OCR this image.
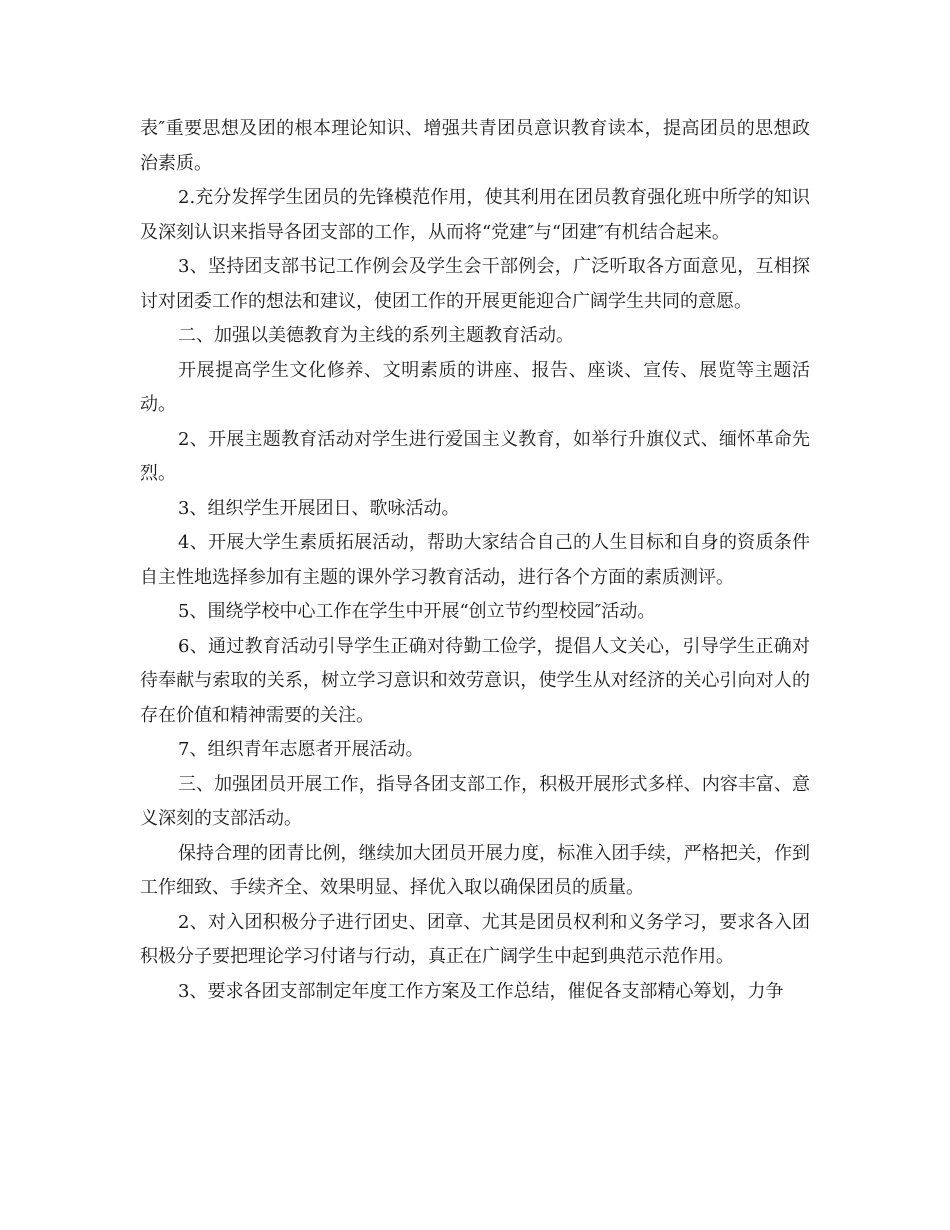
表″重要思想及团的根本理论知识、增强共青团员意识教育读本，提高团员的思想政治素质。

2.充分发挥学生团员的先锋模范作用，使其利用在团员教育强化班中所学的知识及深刻认识来指导各团支部的工作，从而将“党建″与“团建″有机结合起来。

3、坚持团支部书记工作例会及学生会干部例会，广泛听取各方面意见，互相探讨对团委工作的想法和建议，使团工作的开展更能迎合广阔学生共同的意愿。

二、加强以美德教育为主线的系列主题教育活动。

开展提高学生文化修养、文明素质的讲座、报告、座谈、宣传、展览等主题活动。

2、开展主题教育活动对学生进行爱国主义教育，如举行升旗仪式、缅怀革命先烈。

3、组织学生开展团日、歌咏活动。

4、开展大学生素质拓展活动，帮助大家结合自己的人生目标和自身的资质条件自主性地选择参加有主题的课外学习教育活动，进行各个方面的素质测评。

5、围绕学校中心工作在学生中开展“创立节约型校园″活动。

6、通过教育活动引导学生正确对待勤工俭学，提倡人文关心，引导学生正确对待奉献与索取的关系，树立学习意识和效劳意识，使学生从对经济的关心引向对人的存在价值和精神需要的关注。

7、组织青年志愿者开展活动。

三、加强团员开展工作，指导各团支部工作，积极开展形式多样、内容丰富、意义深刻的支部活动。

保持合理的团青比例，继续加大团员开展力度，标准入团手续，严格把关，作到工作细致、手续齐全、效果明显、择优入取以确保团员的质量。

2、对入团积极分子进行团史、团章、尤其是团员权利和义务学习，要求各入团积极分子要把理论学习付诸与行动，真正在广阔学生中起到典范示范作用。

3、要求各团支部制定年度工作方案及工作总结，催促各支部精心筹划，力争
